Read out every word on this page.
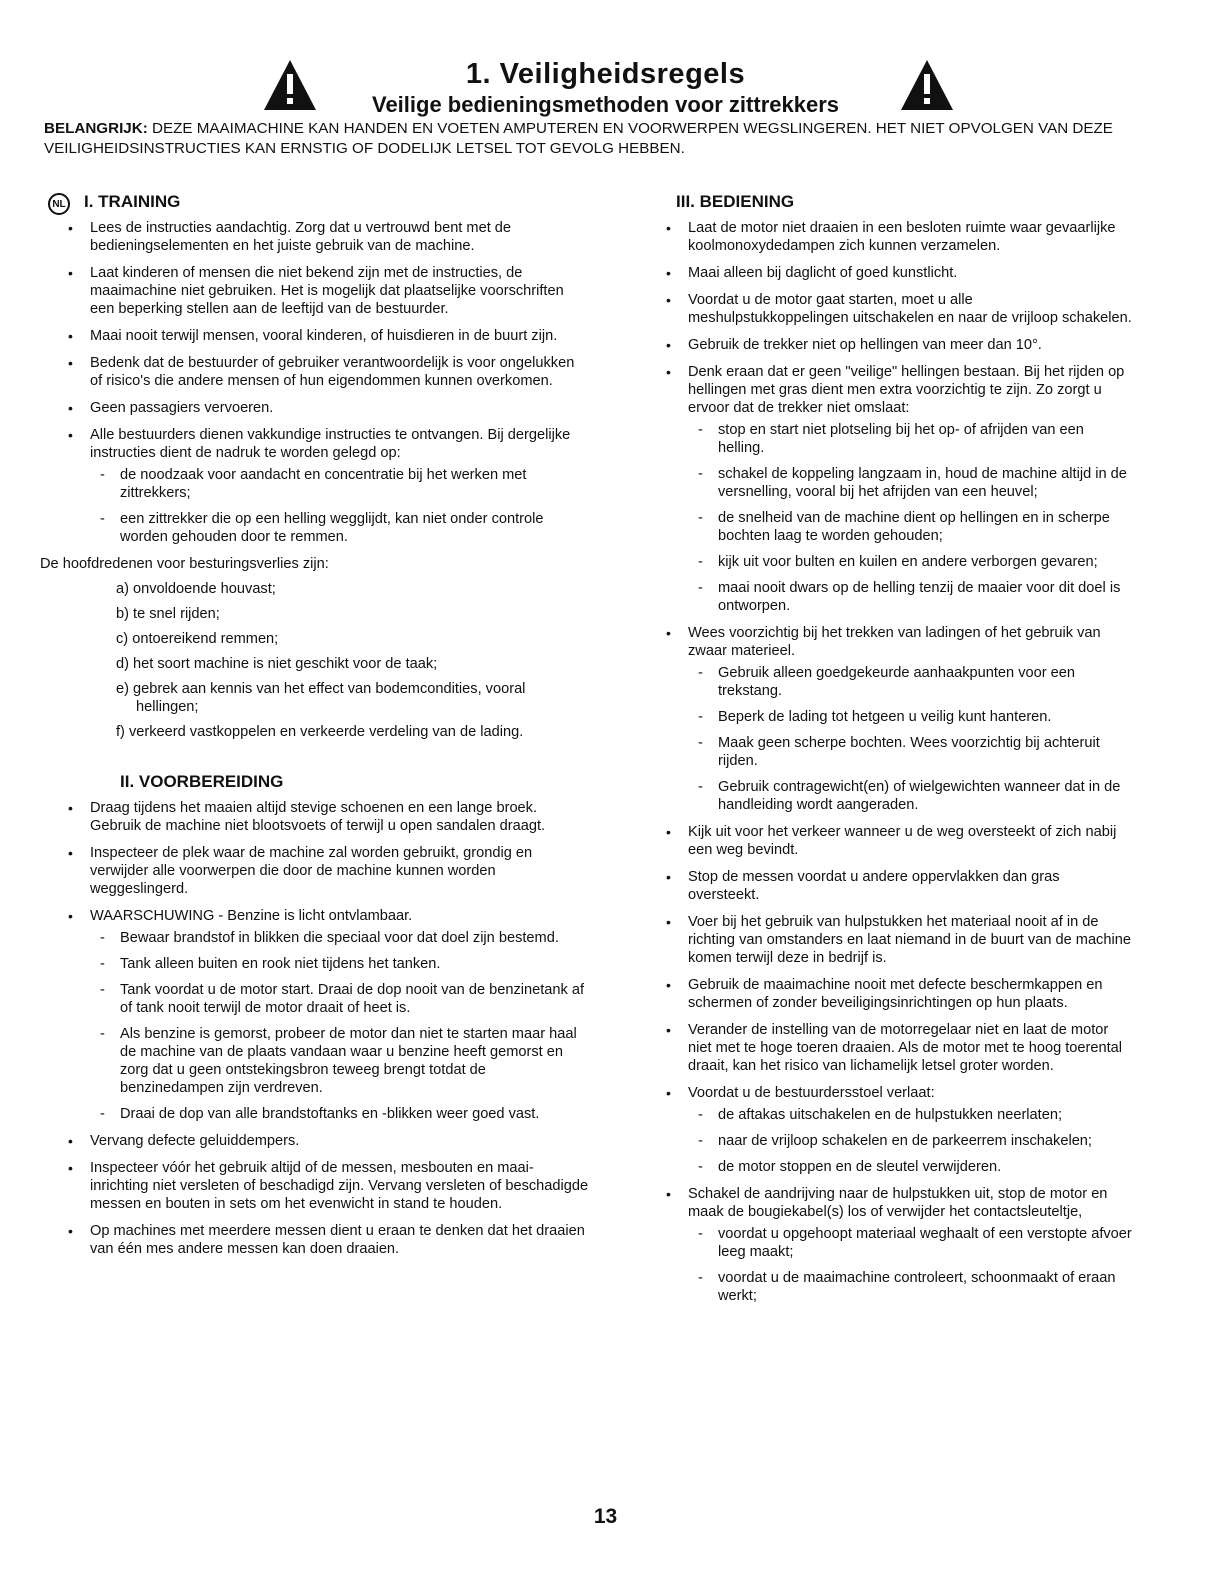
1. Veiligheidsregels
Veilige bedieningsmethoden voor zittrekkers
BELANGRIJK: DEZE MAAIMACHINE KAN HANDEN EN VOETEN AMPUTEREN EN VOORWERPEN WEGSLINGEREN. HET NIET OPVOLGEN VAN DEZE VEILIGHEIDSINSTRUCTIES KAN ERNSTIG OF DODELIJK LETSEL TOT GEVOLG HEBBEN.
NL	I. TRAINING
• Lees de instructies aandachtig. Zorg dat u vertrouwd bent met de bedieningselementen en het juiste gebruik van de machine.
• Laat kinderen of mensen die niet bekend zijn met de instructies, de maaimachine niet gebruiken. Het is mogelijk dat plaatselijke voorschriften een beperking stellen aan de leeftijd van de bestuurder.
• Maai nooit terwijl mensen, vooral kinderen, of huisdieren in de buurt zijn.
• Bedenk dat de bestuurder of gebruiker verantwoordelijk is voor ongelukken of risico's die andere mensen of hun eigendommen kunnen overkomen.
• Geen passagiers vervoeren.
• Alle bestuurders dienen vakkundige instructies te ontvangen. Bij dergelijke instructies dient de nadruk te worden gelegd op:
- de noodzaak voor aandacht en concentratie bij het werken met zittrekkers;
- een zittrekker die op een helling wegglijdt, kan niet onder controle worden gehouden door te remmen.
De hoofdredenen voor besturingsverlies zijn:
a) onvoldoende houvast;
b) te snel rijden;
c) ontoereikend remmen;
d) het soort machine is niet geschikt voor de taak;
e) gebrek aan kennis van het effect van bodemcondities, vooral hellingen;
f) verkeerd vastkoppelen en verkeerde verdeling van de lading.
II. VOORBEREIDING
• Draag tijdens het maaien altijd stevige schoenen en een lange broek. Gebruik de machine niet blootsvoets of terwijl u open sandalen draagt.
• Inspecteer de plek waar de machine zal worden gebruikt, grondig en verwijder alle voorwerpen die door de machine kunnen worden weggeslingerd.
• WAARSCHUWING - Benzine is licht ontvlambaar.
- Bewaar brandstof in blikken die speciaal voor dat doel zijn bestemd.
- Tank alleen buiten en rook niet tijdens het tanken.
- Tank voordat u de motor start. Draai de dop nooit van de benzinetank af of tank nooit terwijl de motor draait of heet is.
- Als benzine is gemorst, probeer de motor dan niet te starten maar haal de machine van de plaats vandaan waar u benzine heeft gemorst en zorg dat u geen ontstekingsbron teweeg brengt totdat de benzinedampen zijn verdreven.
- Draai de dop van alle brandstoftanks en -blikken weer goed vast.
• Vervang defecte geluiddempers.
• Inspecteer vóór het gebruik altijd of de messen, mesbouten en maai-inrichting niet versleten of beschadigd zijn. Vervang versleten of beschadigde messen en bouten in sets om het evenwicht in stand te houden.
• Op machines met meerdere messen dient u eraan te denken dat het draaien van één mes andere messen kan doen draaien.
III. BEDIENING
• Laat de motor niet draaien in een besloten ruimte waar gevaarlijke koolmonoxydedampen zich kunnen verzamelen.
• Maai alleen bij daglicht of goed kunstlicht.
• Voordat u de motor gaat starten, moet u alle meshulpstukkoppelingen uitschakelen en naar de vrijloop schakelen.
• Gebruik de trekker niet op hellingen van meer dan 10°.
• Denk eraan dat er geen "veilige" hellingen bestaan. Bij het rijden op hellingen met gras dient men extra voorzichtig te zijn. Zo zorgt u ervoor dat de trekker niet omslaat:
- stop en start niet plotseling bij het op- of afrijden van een helling.
- schakel de koppeling langzaam in, houd de machine altijd in de versnelling, vooral bij het afrijden van een heuvel;
- de snelheid van de machine dient op hellingen en in scherpe bochten laag te worden gehouden;
- kijk uit voor bulten en kuilen en andere verborgen gevaren;
- maai nooit dwars op de helling tenzij de maaier voor dit doel is ontworpen.
• Wees voorzichtig bij het trekken van ladingen of het gebruik van zwaar materieel.
- Gebruik alleen goedgekeurde aanhaakpunten voor een trekstang.
- Beperk de lading tot hetgeen u veilig kunt hanteren.
- Maak geen scherpe bochten. Wees voorzichtig bij achteruit rijden.
- Gebruik contragewicht(en) of wielgewichten wanneer dat in de handleiding wordt aangeraden.
• Kijk uit voor het verkeer wanneer u de weg oversteekt of zich nabij een weg bevindt.
• Stop de messen voordat u andere oppervlakken dan gras oversteekt.
• Voer bij het gebruik van hulpstukken het materiaal nooit af in de richting van omstanders en laat niemand in de buurt van de machine komen terwijl deze in bedrijf is.
• Gebruik de maaimachine nooit met defecte beschermkappen en schermen of zonder beveiligingsinrichtingen op hun plaats.
• Verander de instelling van de motorregelaar niet en laat de motor niet met te hoge toeren draaien. Als de motor met te hoog toerental draait, kan het risico van lichamelijk letsel groter worden.
• Voordat u de bestuurdersstoel verlaat:
- de aftakas uitschakelen en de hulpstukken neerlaten;
- naar de vrijloop schakelen en de parkeerrem inschakelen;
- de motor stoppen en de sleutel verwijderen.
• Schakel de aandrijving naar de hulpstukken uit, stop de motor en maak de bougiekabel(s) los of verwijder het contactsleuteltje,
- voordat u opgehoopt materiaal weghaalt of een verstopte afvoer leeg maakt;
- voordat u de maaimachine controleert, schoonmaakt of eraan werkt;
13
